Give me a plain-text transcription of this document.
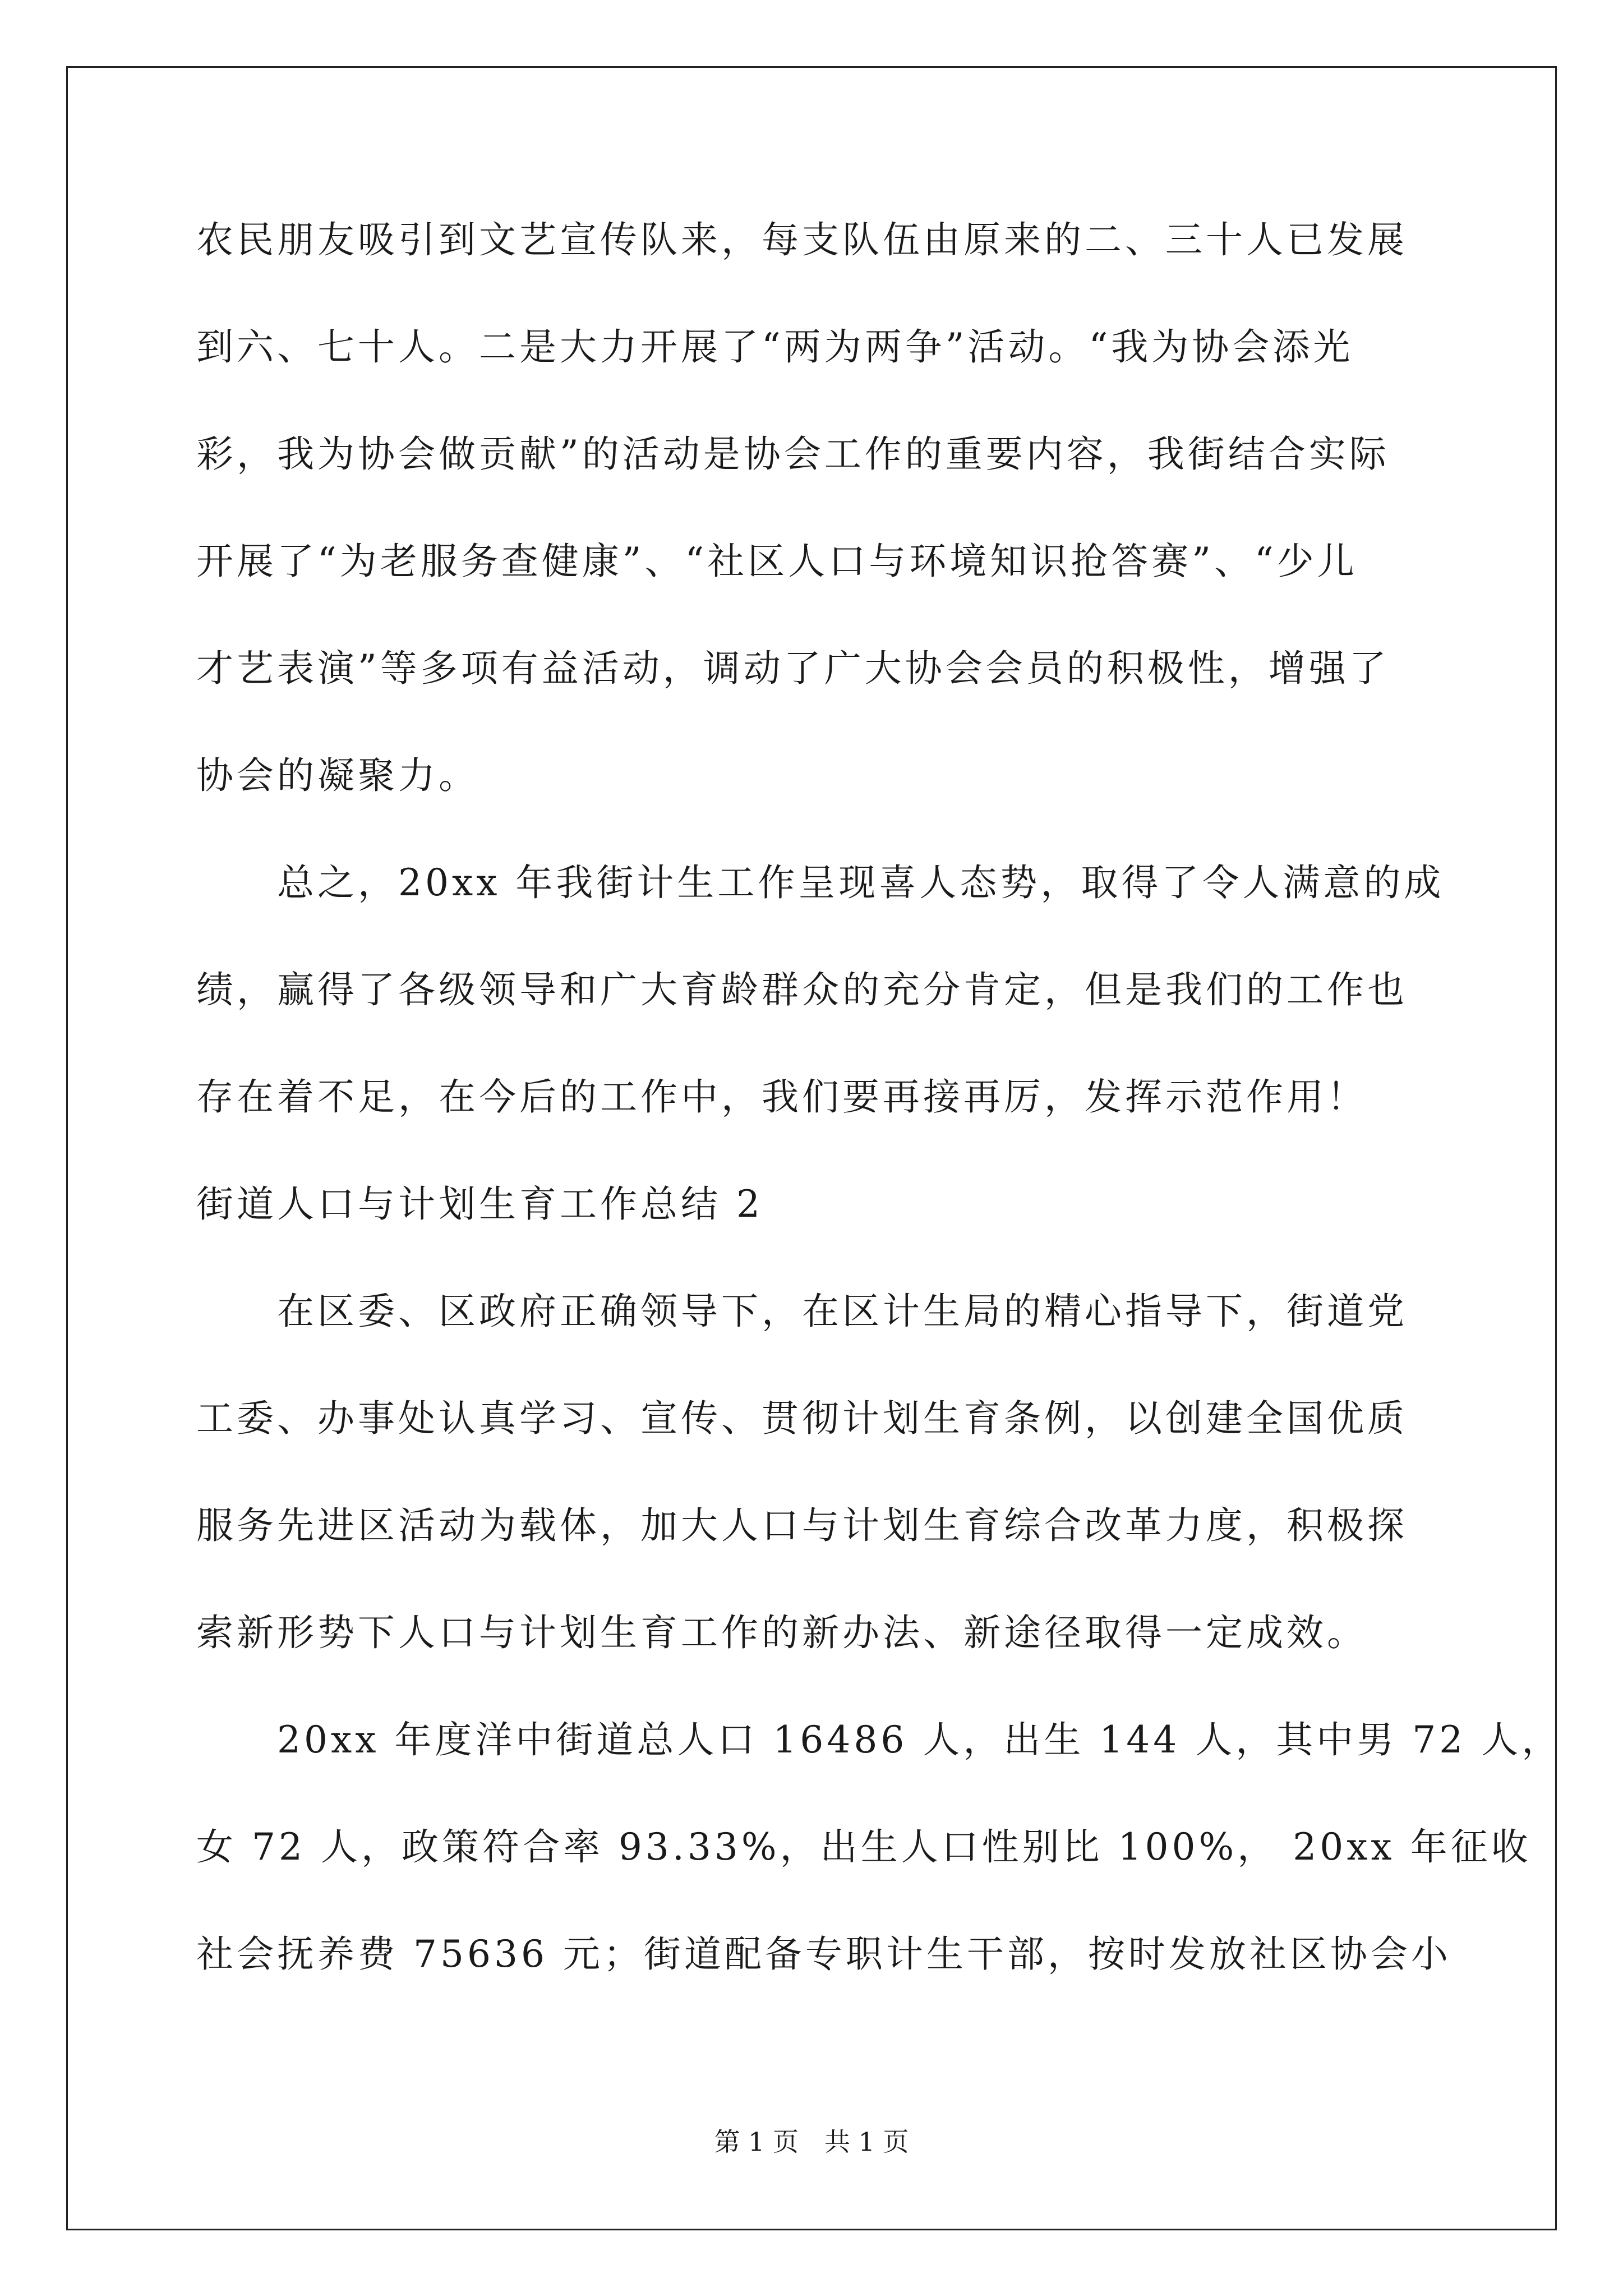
农民朋友吸引到文艺宣传队来，每支队伍由原来的二、三十人已发展
到六、七十人。二是大力开展了“两为两争”活动。“我为协会添光
彩，我为协会做贡献”的活动是协会工作的重要内容，我街结合实际
开展了“为老服务查健康”、“社区人口与环境知识抢答赛”、“少儿
才艺表演”等多项有益活动，调动了广大协会会员的积极性，增强了
协会的凝聚力。
　　总之，20xx 年我街计生工作呈现喜人态势，取得了令人满意的成
绩，赢得了各级领导和广大育龄群众的充分肯定，但是我们的工作也
存在着不足，在今后的工作中，我们要再接再厉，发挥示范作用！
街道人口与计划生育工作总结 2
　　在区委、区政府正确领导下，在区计生局的精心指导下，街道党
工委、办事处认真学习、宣传、贯彻计划生育条例，以创建全国优质
服务先进区活动为载体，加大人口与计划生育综合改革力度，积极探
索新形势下人口与计划生育工作的新办法、新途径取得一定成效。
　　20xx 年度洋中街道总人口 16486 人，出生 144 人，其中男 72 人，
女 72 人，政策符合率 93.33%，出生人口性别比 100%， 20xx 年征收
社会抚养费 75636 元；街道配备专职计生干部，按时发放社区协会小
第 1 页　共 1 页
